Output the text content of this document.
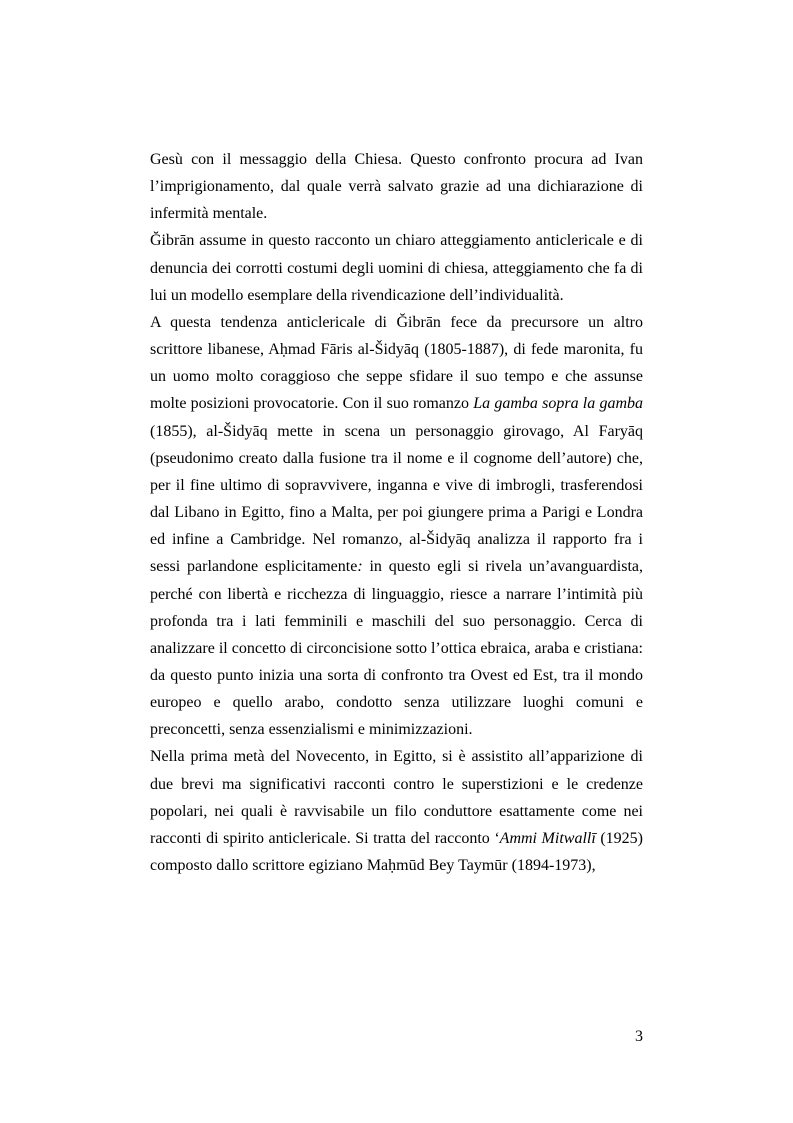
Gesù con il messaggio della Chiesa. Questo confronto procura ad Ivan l’imprigionamento, dal quale verrà salvato grazie ad una dichiarazione di infermità mentale.

Ğibrān assume in questo racconto un chiaro atteggiamento anticlericale e di denuncia dei corrotti costumi degli uomini di chiesa, atteggiamento che fa di lui un modello esemplare della rivendicazione dell’individualità.

A questa tendenza anticlericale di Ğibrān fece da precursore un altro scrittore libanese, Aḥmad Fāris al-Šidyāq (1805-1887), di fede maronita, fu un uomo molto coraggioso che seppe sfidare il suo tempo e che assunse molte posizioni provocatorie. Con il suo romanzo La gamba sopra la gamba (1855), al-Šidyāq mette in scena un personaggio girovago, Al Faryāq (pseudonimo creato dalla fusione tra il nome e il cognome dell’autore) che, per il fine ultimo di sopravvivere, inganna e vive di imbrogli, trasferendosi dal Libano in Egitto, fino a Malta, per poi giungere prima a Parigi e Londra ed infine a Cambridge. Nel romanzo, al-Šidyāq analizza il rapporto fra i sessi parlandone esplicitamente: in questo egli si rivela un’avanguardista, perché con libertà e ricchezza di linguaggio, riesce a narrare l’intimità più profonda tra i lati femminili e maschili del suo personaggio. Cerca di analizzare il concetto di circoncisione sotto l’ottica ebraica, araba e cristiana: da questo punto inizia una sorta di confronto tra Ovest ed Est, tra il mondo europeo e quello arabo, condotto senza utilizzare luoghi comuni e preconcetti, senza essenzialismi e minimizzazioni.

Nella prima metà del Novecento, in Egitto, si è assistito all’apparizione di due brevi ma significativi racconti contro le superstizioni e le credenze popolari, nei quali è ravvisabile un filo conduttore esattamente come nei racconti di spirito anticlericale. Si tratta del racconto ‘Ammi Mitwallī (1925) composto dallo scrittore egiziano Maḥmūd Bey Taymūr (1894-1973),

3
